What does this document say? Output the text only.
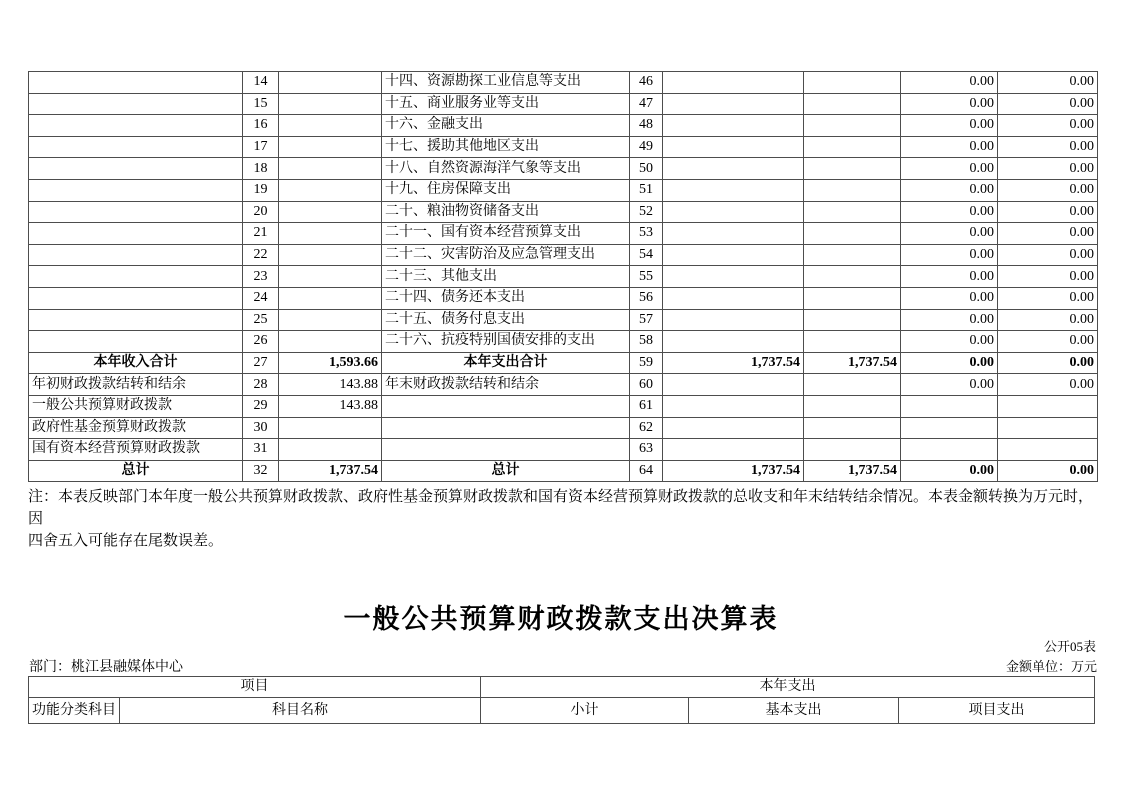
	14		十四、资源勘探工业信息等支出	46			0.00	0.00
	15		十五、商业服务业等支出	47			0.00	0.00
	16		十六、金融支出	48			0.00	0.00
	17		十七、援助其他地区支出	49			0.00	0.00
	18		十八、自然资源海洋气象等支出	50			0.00	0.00
	19		十九、住房保障支出	51			0.00	0.00
	20		二十、粮油物资储备支出	52			0.00	0.00
	21		二十一、国有资本经营预算支出	53			0.00	0.00
	22		二十二、灾害防治及应急管理支出	54			0.00	0.00
	23		二十三、其他支出	55			0.00	0.00
	24		二十四、债务还本支出	56			0.00	0.00
	25		二十五、债务付息支出	57			0.00	0.00
	26		二十六、抗疫特别国债安排的支出	58			0.00	0.00
本年收入合计	27	1,593.66	本年支出合计	59	1,737.54	1,737.54	0.00	0.00
年初财政拨款结转和结余	28	143.88	年末财政拨款结转和结余	60			0.00	0.00
一般公共预算财政拨款	29	143.88		61				
政府性基金预算财政拨款	30			62				
国有资本经营预算财政拨款	31			63				
总计	32	1,737.54	总计	64	1,737.54	1,737.54	0.00	0.00
注：本表反映部门本年度一般公共预算财政拨款、政府性基金预算财政拨款和国有资本经营预算财政拨款的总收支和年末结转结余情况。本表金额转换为万元时，因
四舍五入可能存在尾数误差。
一般公共预算财政拨款支出决算表
公开05表
部门：桃江县融媒体中心	金额单位：万元
项目		本年支出		
功能分类科目	科目名称	小计	基本支出	项目支出
